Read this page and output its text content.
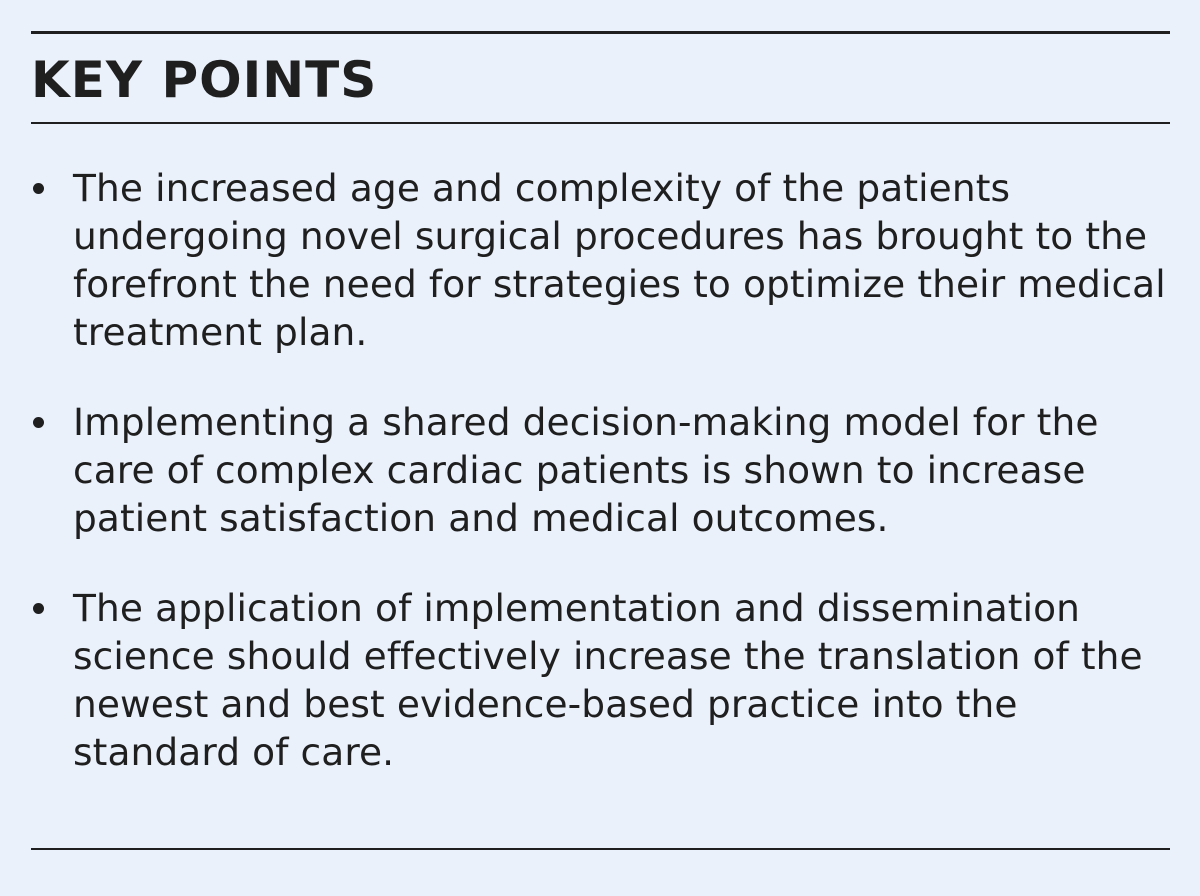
KEY POINTS
The increased age and complexity of the patients undergoing novel surgical procedures has brought to the forefront the need for strategies to optimize their medical treatment plan.
Implementing a shared decision-making model for the care of complex cardiac patients is shown to increase patient satisfaction and medical outcomes.
The application of implementation and dissemination science should effectively increase the translation of the newest and best evidence-based practice into the standard of care.
